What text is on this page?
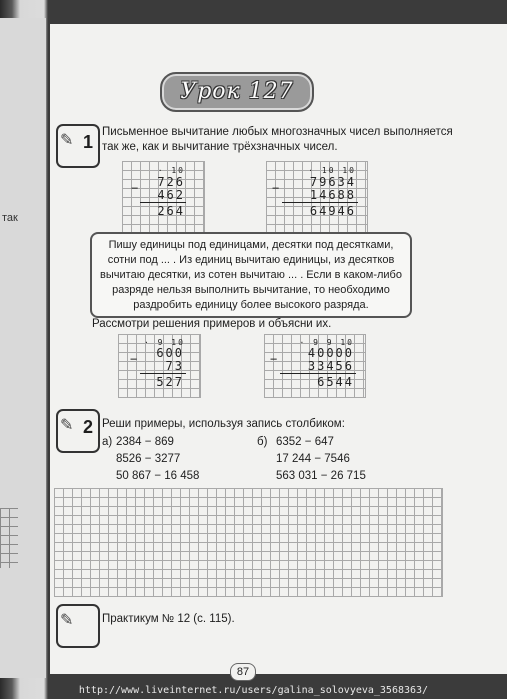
так
Урок 127
✎ 1 Письменное вычитание любых многозначных чисел выполняется
так же, как и вычитание трёхзначных чисел.
· 10
726
462
264
−
· 10 10
79634
14688
64946
−
Пишу единицы под единицами, десятки под десятками,
сотни под ... . Из единиц вычитаю единицы, из десятков
вычитаю десятки, из сотен вычитаю ... . Если в каком-либо
разряде нельзя выполнить вычитание, то необходимо
раздробить единицу более высокого разряда.
Рассмотри решения примеров и объясни их.
· 9 10
600
73
527
−
· 9 9 10
40000
33456
6544
−
✎ 2 Реши примеры, используя запись столбиком:
а) 2384 − 869
8526 − 3277
50 867 − 16 458
б) 6352 − 647
17 244 − 7546
563 031 − 26 715
✎ Практикум № 12 (с. 115).
87
http://www.liveinternet.ru/users/galina_solovyeva_3568363/
